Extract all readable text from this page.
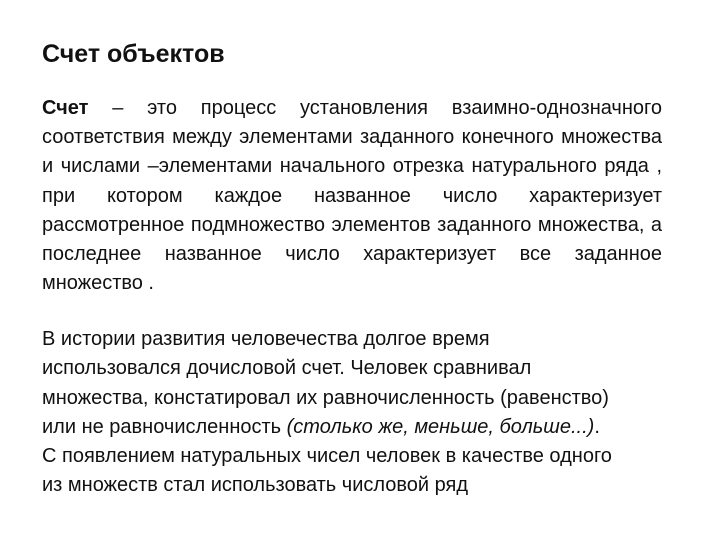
Счет объектов

Счет – это процесс установления взаимно-однозначного соответствия между элементами заданного конечного множества и числами –элементами начального отрезка натурального ряда , при котором каждое названное число характеризует рассмотренное подмножество элементов заданного множества, а последнее названное число характеризует все заданное множество .

В истории развития человечества долгое время
использовался дочисловой счет. Человек сравнивал
множества, констатировал их равночисленность (равенство)
или не равночисленность (столько же, меньше, больше...).
С появлением натуральных чисел человек в качестве одного
из множеств стал использовать числовой ряд
